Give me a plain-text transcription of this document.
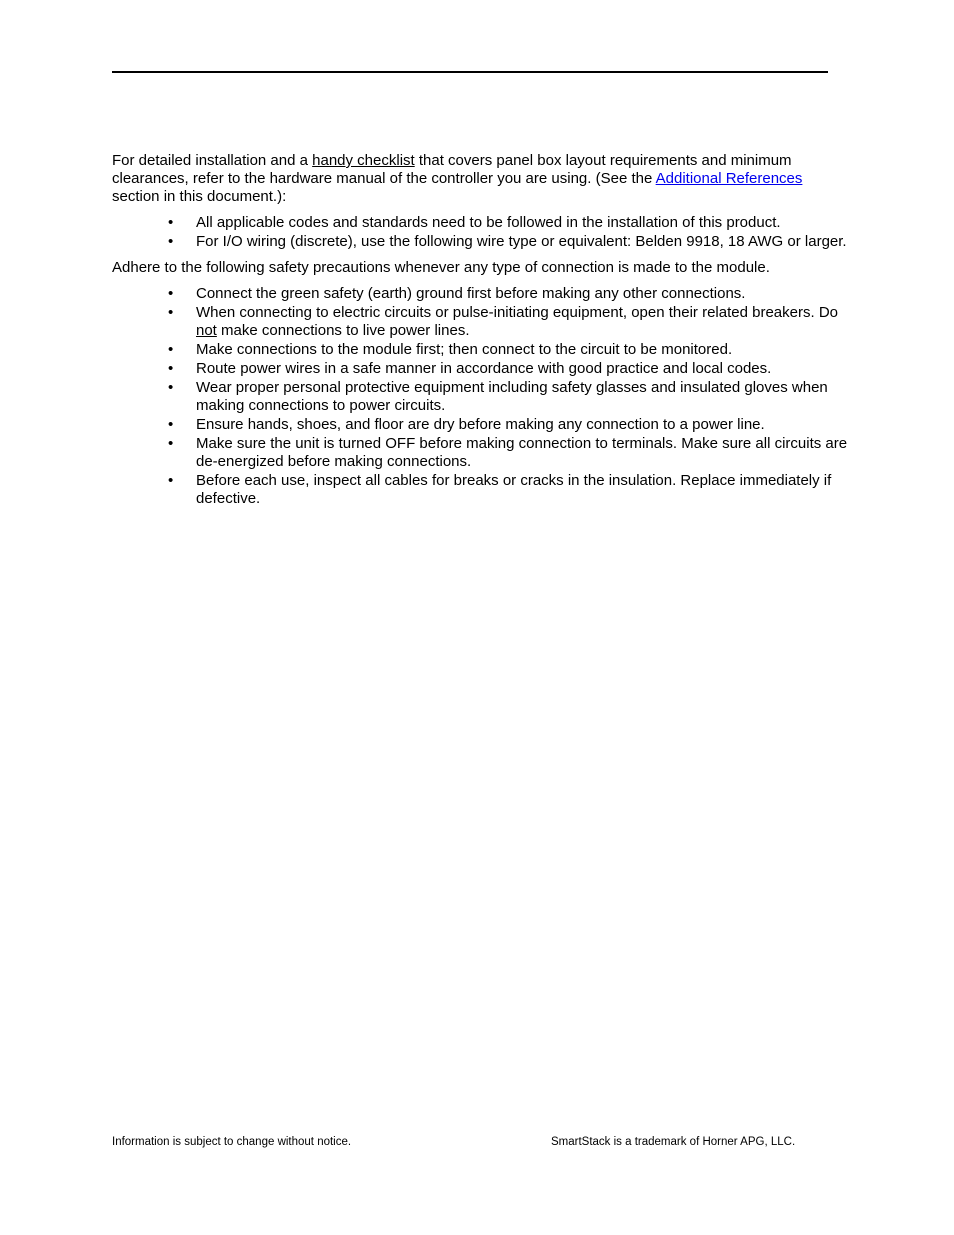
For detailed installation and a handy checklist that covers panel box layout requirements and minimum clearances, refer to the hardware manual of the controller you are using. (See the Additional References section in this document.):

• All applicable codes and standards need to be followed in the installation of this product.
• For I/O wiring (discrete), use the following wire type or equivalent: Belden 9918, 18 AWG or larger.

Adhere to the following safety precautions whenever any type of connection is made to the module.

• Connect the green safety (earth) ground first before making any other connections.
• When connecting to electric circuits or pulse-initiating equipment, open their related breakers. Do not make connections to live power lines.
• Make connections to the module first; then connect to the circuit to be monitored.
• Route power wires in a safe manner in accordance with good practice and local codes.
• Wear proper personal protective equipment including safety glasses and insulated gloves when making connections to power circuits.
• Ensure hands, shoes, and floor are dry before making any connection to a power line.
• Make sure the unit is turned OFF before making connection to terminals. Make sure all circuits are de-energized before making connections.
• Before each use, inspect all cables for breaks or cracks in the insulation. Replace immediately if defective.
Information is subject to change without notice.	SmartStack is a trademark of Horner APG, LLC.
